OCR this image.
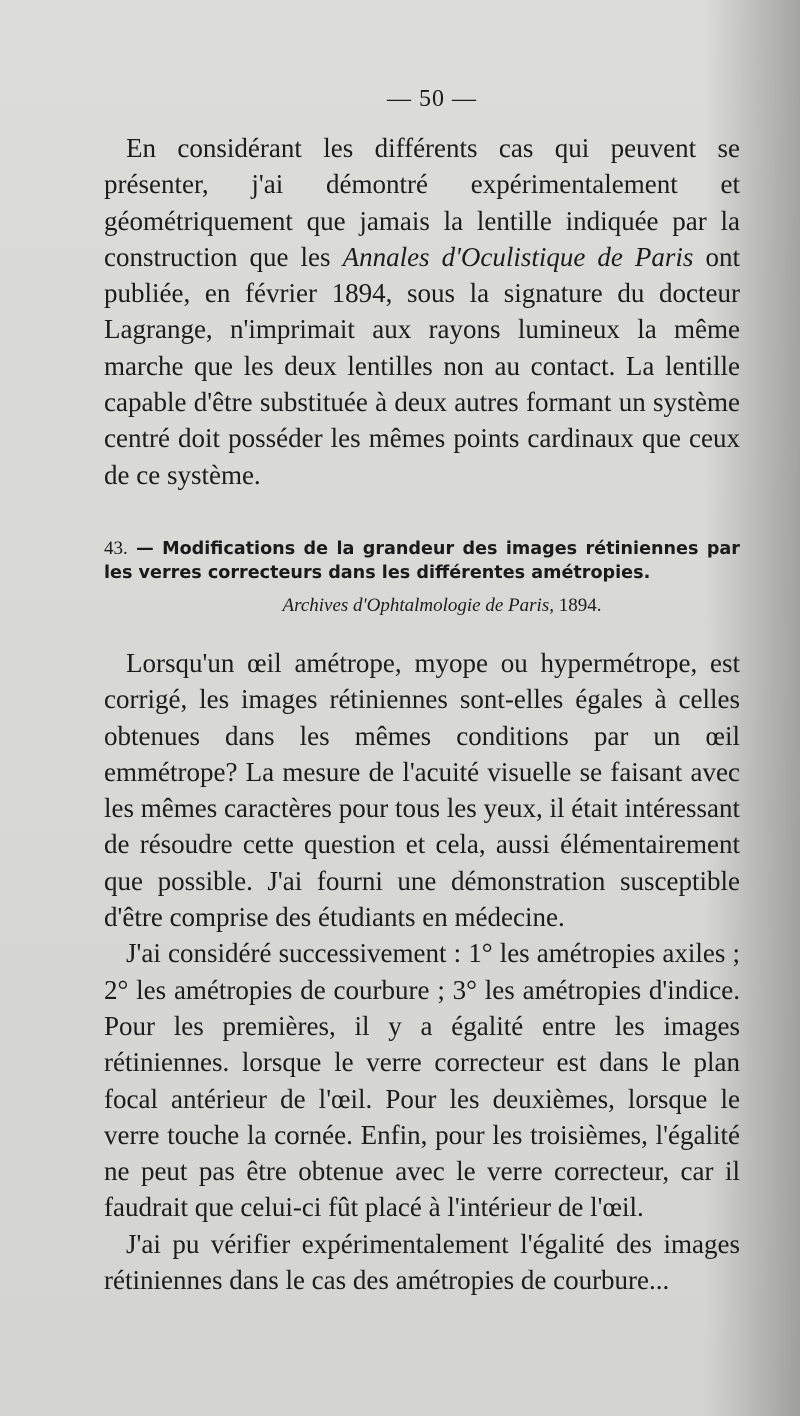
— 50 —

En considérant les différents cas qui peuvent se présenter, j'ai démontré expérimentalement et géométriquement que jamais la lentille indiquée par la construction que les Annales d'Oculistique de Paris ont publiée, en février 1894, sous la signature du docteur Lagrange, n'imprimait aux rayons lumineux la même marche que les deux lentilles non au contact. La lentille capable d'être substituée à deux autres formant un système centré doit posséder les mêmes points cardinaux que ceux de ce système.

43. — Modifications de la grandeur des images rétiniennes par les verres correcteurs dans les différentes amétropies.
Archives d'Ophtalmologie de Paris, 1894.

Lorsqu'un œil amétrope, myope ou hypermétrope, est corrigé, les images rétiniennes sont-elles égales à celles obtenues dans les mêmes conditions par un œil emmétrope? La mesure de l'acuité visuelle se faisant avec les mêmes caractères pour tous les yeux, il était intéressant de résoudre cette question et cela, aussi élémentairement que possible. J'ai fourni une démonstration susceptible d'être comprise des étudiants en médecine.

J'ai considéré successivement : 1° les amétropies axiles ; 2° les amétropies de courbure ; 3° les amétropies d'indice. Pour les premières, il y a égalité entre les images rétiniennes. lorsque le verre correcteur est dans le plan focal antérieur de l'œil. Pour les deuxièmes, lorsque le verre touche la cornée. Enfin, pour les troisièmes, l'égalité ne peut pas être obtenue avec le verre correcteur, car il faudrait que celui-ci fût placé à l'intérieur de l'œil.

J'ai pu vérifier expérimentalement l'égalité des images rétiniennes dans le cas des amétropies de courbure...
